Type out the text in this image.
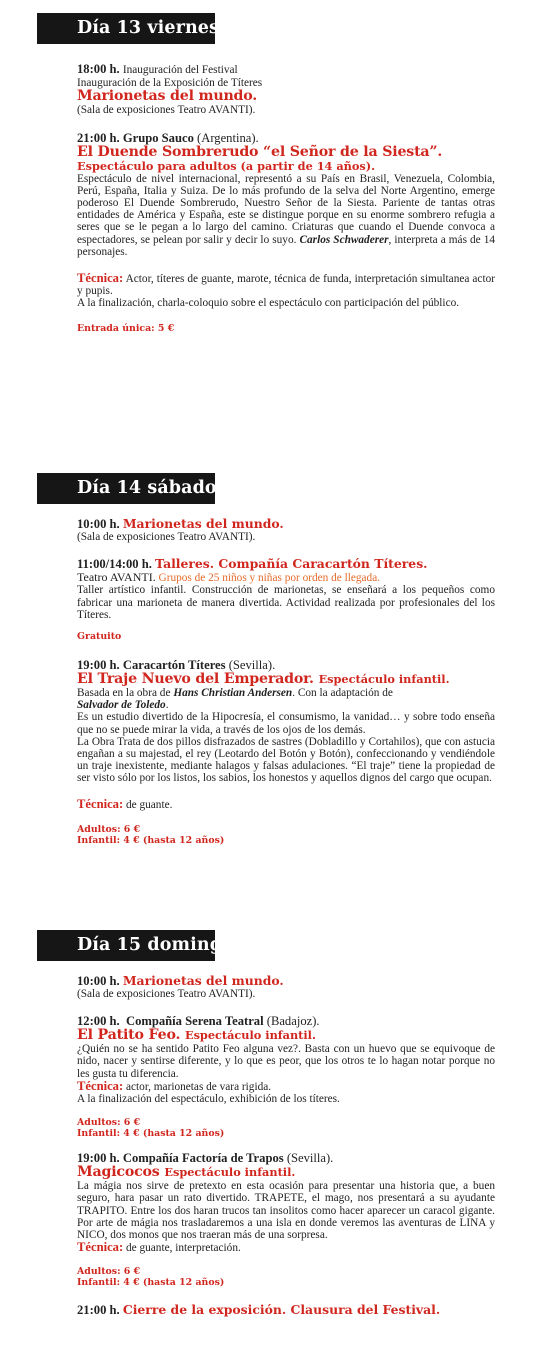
Día 13 viernes
18:00 h. Inauguración del Festival

Inauguración de la Exposición de Títeres

Marionetas del mundo.

(Sala de exposiciones Teatro AVANTI).

21:00 h. Grupo Sauco (Argentina).
El Duende Sombrerudo “el Señor de la Siesta”.
Espectáculo para adultos (a partir de 14 años).

Espectáculo de nivel internacional, representó a su País en Brasil, Venezuela, Colombia, Perú, España, Italia y Suiza. De lo más profundo de la selva del Norte Argentino, emerge poderoso El Duende Sombrerudo, Nuestro Señor de la Siesta. Pariente de tantas otras entidades de América y España, este se distingue porque en su enorme sombrero refugia a seres que se le pegan a lo largo del camino. Criaturas que cuando el Duende convoca a espectadores, se pelean por salir y decir lo suyo. Carlos Schwaderer, interpreta a más de 14 personajes.

Técnica: Actor, títeres de guante, marote, técnica de funda, interpretación simultanea actor y pupis.

A la finalización, charla-coloquio sobre el espectáculo con participación del público.

Entrada única: 5 €
Día 14 sábado
10:00 h. Marionetas del mundo.

(Sala de exposiciones Teatro AVANTI).

11:00/14:00 h. Talleres. Compañía Caracartón Títeres.

Teatro AVANTI. Grupos de 25 niños y niñas por orden de llegada.

Taller artístico infantil. Construcción de marionetas, se enseñará a los pequeños como fabricar una marioneta de manera divertida. Actividad realizada por profesionales del los Títeres.

Gratuito
19:00 h. Caracartón Títeres (Sevilla).
El Traje Nuevo del Emperador. Espectáculo infantil.

Basada en la obra de Hans Christian Andersen. Con la adaptación de

Salvador de Toledo.

Es un estudio divertido de la Hipocresía, el consumismo, la vanidad… y sobre todo enseña que no se puede mirar la vida, a través de los ojos de los demás.

La Obra Trata de dos pillos disfrazados de sastres (Dobladillo y Cortahilos), que con astucia engañan a su majestad, el rey (Leotardo del Botón y Botón), confeccionando y vendiéndole un traje inexistente, mediante halagos y falsas adulaciones. “El traje” tiene la propiedad de ser visto sólo por los listos, los sabios, los honestos y aquellos dignos del cargo que ocupan.

Técnica: de guante.

Adultos: 6 €
Infantil: 4 € (hasta 12 años)
Día 15 domingo
10:00 h. Marionetas del mundo.

(Sala de exposiciones Teatro AVANTI).

12:00 h. Compañía Serena Teatral (Badajoz).
El Patito Feo. Espectáculo infantil.

¿Quién no se ha sentido Patito Feo alguna vez?. Basta con un huevo que se equivoque de nido, nacer y sentirse diferente, y lo que es peor, que los otros te lo hagan notar porque no les gusta tu diferencia.

Técnica: actor, marionetas de vara rigida.

A la finalización del espectáculo, exhibición de los títeres.

Adultos: 6 €
Infantil: 4 € (hasta 12 años)
19:00 h. Compañía Factoría de Trapos (Sevilla).
Magicocos Espectáculo infantil.

La mágia nos sirve de pretexto en esta ocasión para presentar una historia que, a buen seguro, hara pasar un rato divertido. TRAPETE, el mago, nos presentará a su ayudante TRAPITO. Entre los dos haran trucos tan insolitos como hacer aparecer un caracol gigante. Por arte de mágia nos trasladaremos a una isla en donde veremos las aventuras de LINA y NICO, dos monos que nos traeran más de una sorpresa.

Técnica: de guante, interpretación.

Adultos: 6 €
Infantil: 4 € (hasta 12 años)
21:00 h. Cierre de la exposición. Clausura del Festival.
